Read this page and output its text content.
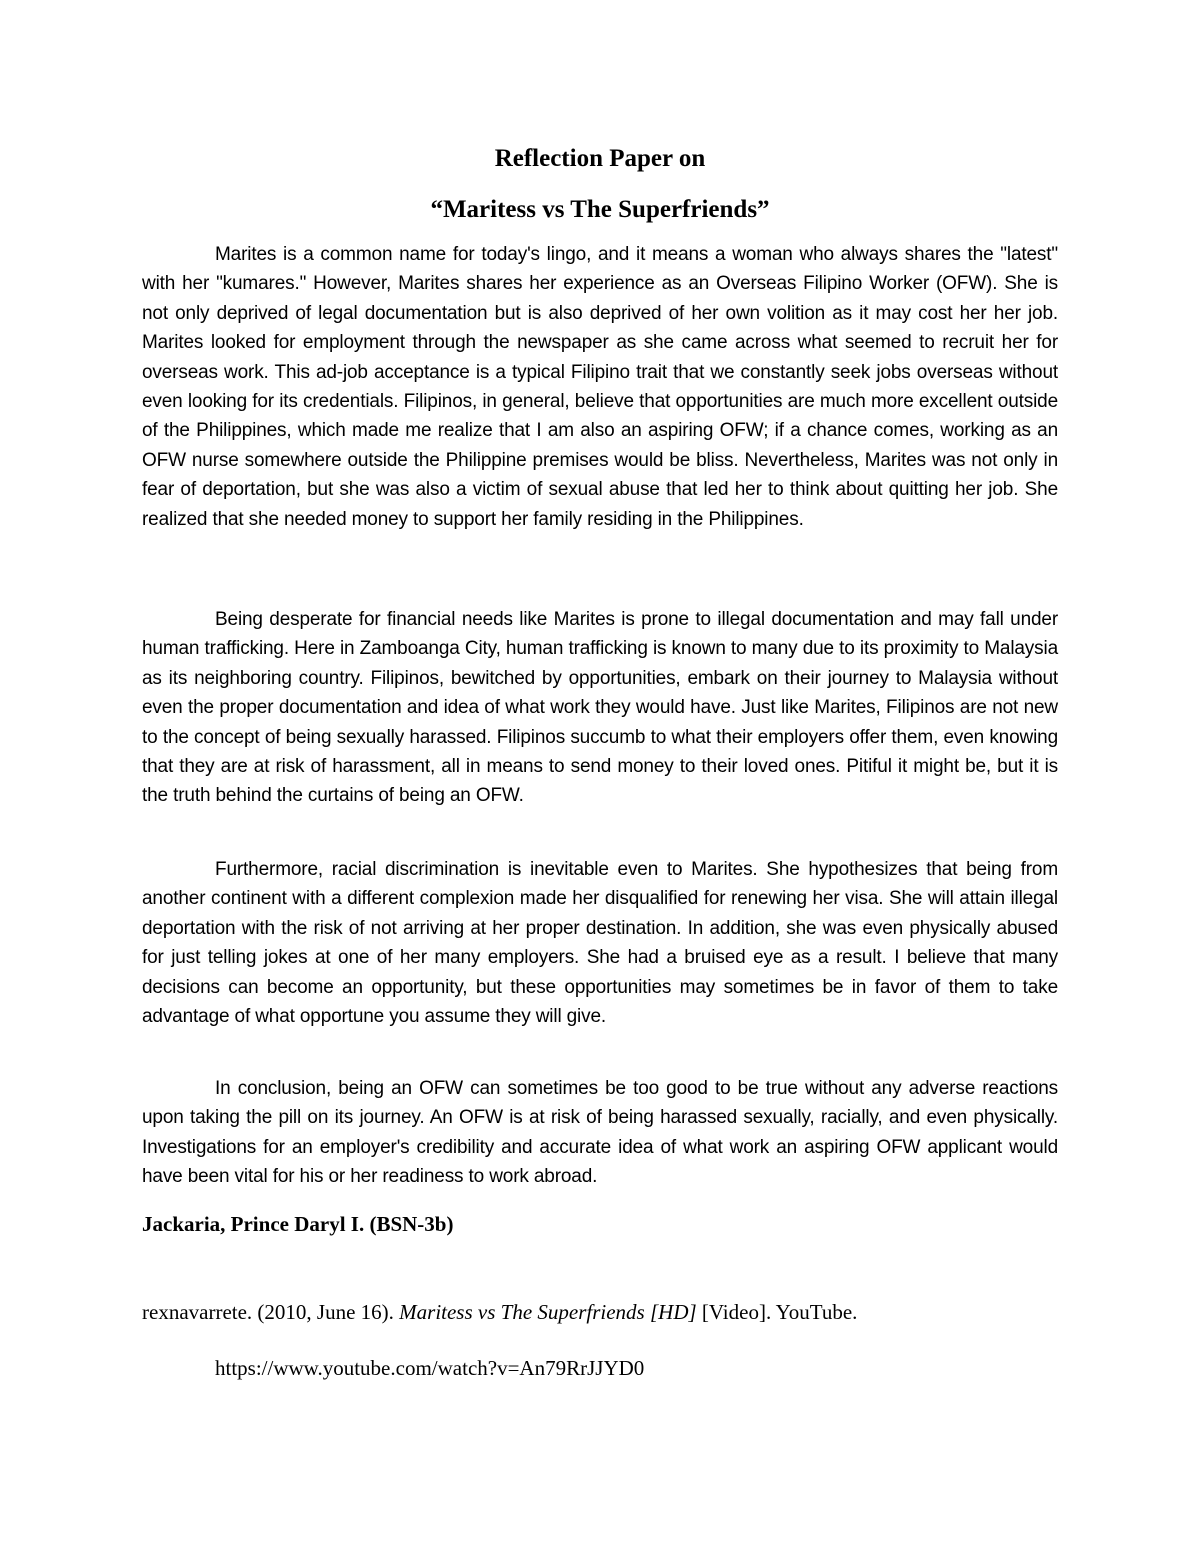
Reflection Paper on
“Maritess vs The Superfriends”

Marites is a common name for today's lingo, and it means a woman who always shares the "latest" with her "kumares." However, Marites shares her experience as an Overseas Filipino Worker (OFW). She is not only deprived of legal documentation but is also deprived of her own volition as it may cost her her job. Marites looked for employment through the newspaper as she came across what seemed to recruit her for overseas work. This ad-job acceptance is a typical Filipino trait that we constantly seek jobs overseas without even looking for its credentials. Filipinos, in general, believe that opportunities are much more excellent outside of the Philippines, which made me realize that I am also an aspiring OFW; if a chance comes, working as an OFW nurse somewhere outside the Philippine premises would be bliss. Nevertheless, Marites was not only in fear of deportation, but she was also a victim of sexual abuse that led her to think about quitting her job. She realized that she needed money to support her family residing in the Philippines.

Being desperate for financial needs like Marites is prone to illegal documentation and may fall under human trafficking. Here in Zamboanga City, human trafficking is known to many due to its proximity to Malaysia as its neighboring country. Filipinos, bewitched by opportunities, embark on their journey to Malaysia without even the proper documentation and idea of what work they would have. Just like Marites, Filipinos are not new to the concept of being sexually harassed. Filipinos succumb to what their employers offer them, even knowing that they are at risk of harassment, all in means to send money to their loved ones. Pitiful it might be, but it is the truth behind the curtains of being an OFW.

Furthermore, racial discrimination is inevitable even to Marites. She hypothesizes that being from another continent with a different complexion made her disqualified for renewing her visa. She will attain illegal deportation with the risk of not arriving at her proper destination. In addition, she was even physically abused for just telling jokes at one of her many employers. She had a bruised eye as a result. I believe that many decisions can become an opportunity, but these opportunities may sometimes be in favor of them to take advantage of what opportune you assume they will give.

In conclusion, being an OFW can sometimes be too good to be true without any adverse reactions upon taking the pill on its journey. An OFW is at risk of being harassed sexually, racially, and even physically. Investigations for an employer's credibility and accurate idea of what work an aspiring OFW applicant would have been vital for his or her readiness to work abroad.

Jackaria, Prince Daryl I. (BSN-3b)

rexnavarrete. (2010, June 16). Maritess vs The Superfriends [HD] [Video]. YouTube.

https://www.youtube.com/watch?v=An79RrJJYD0
